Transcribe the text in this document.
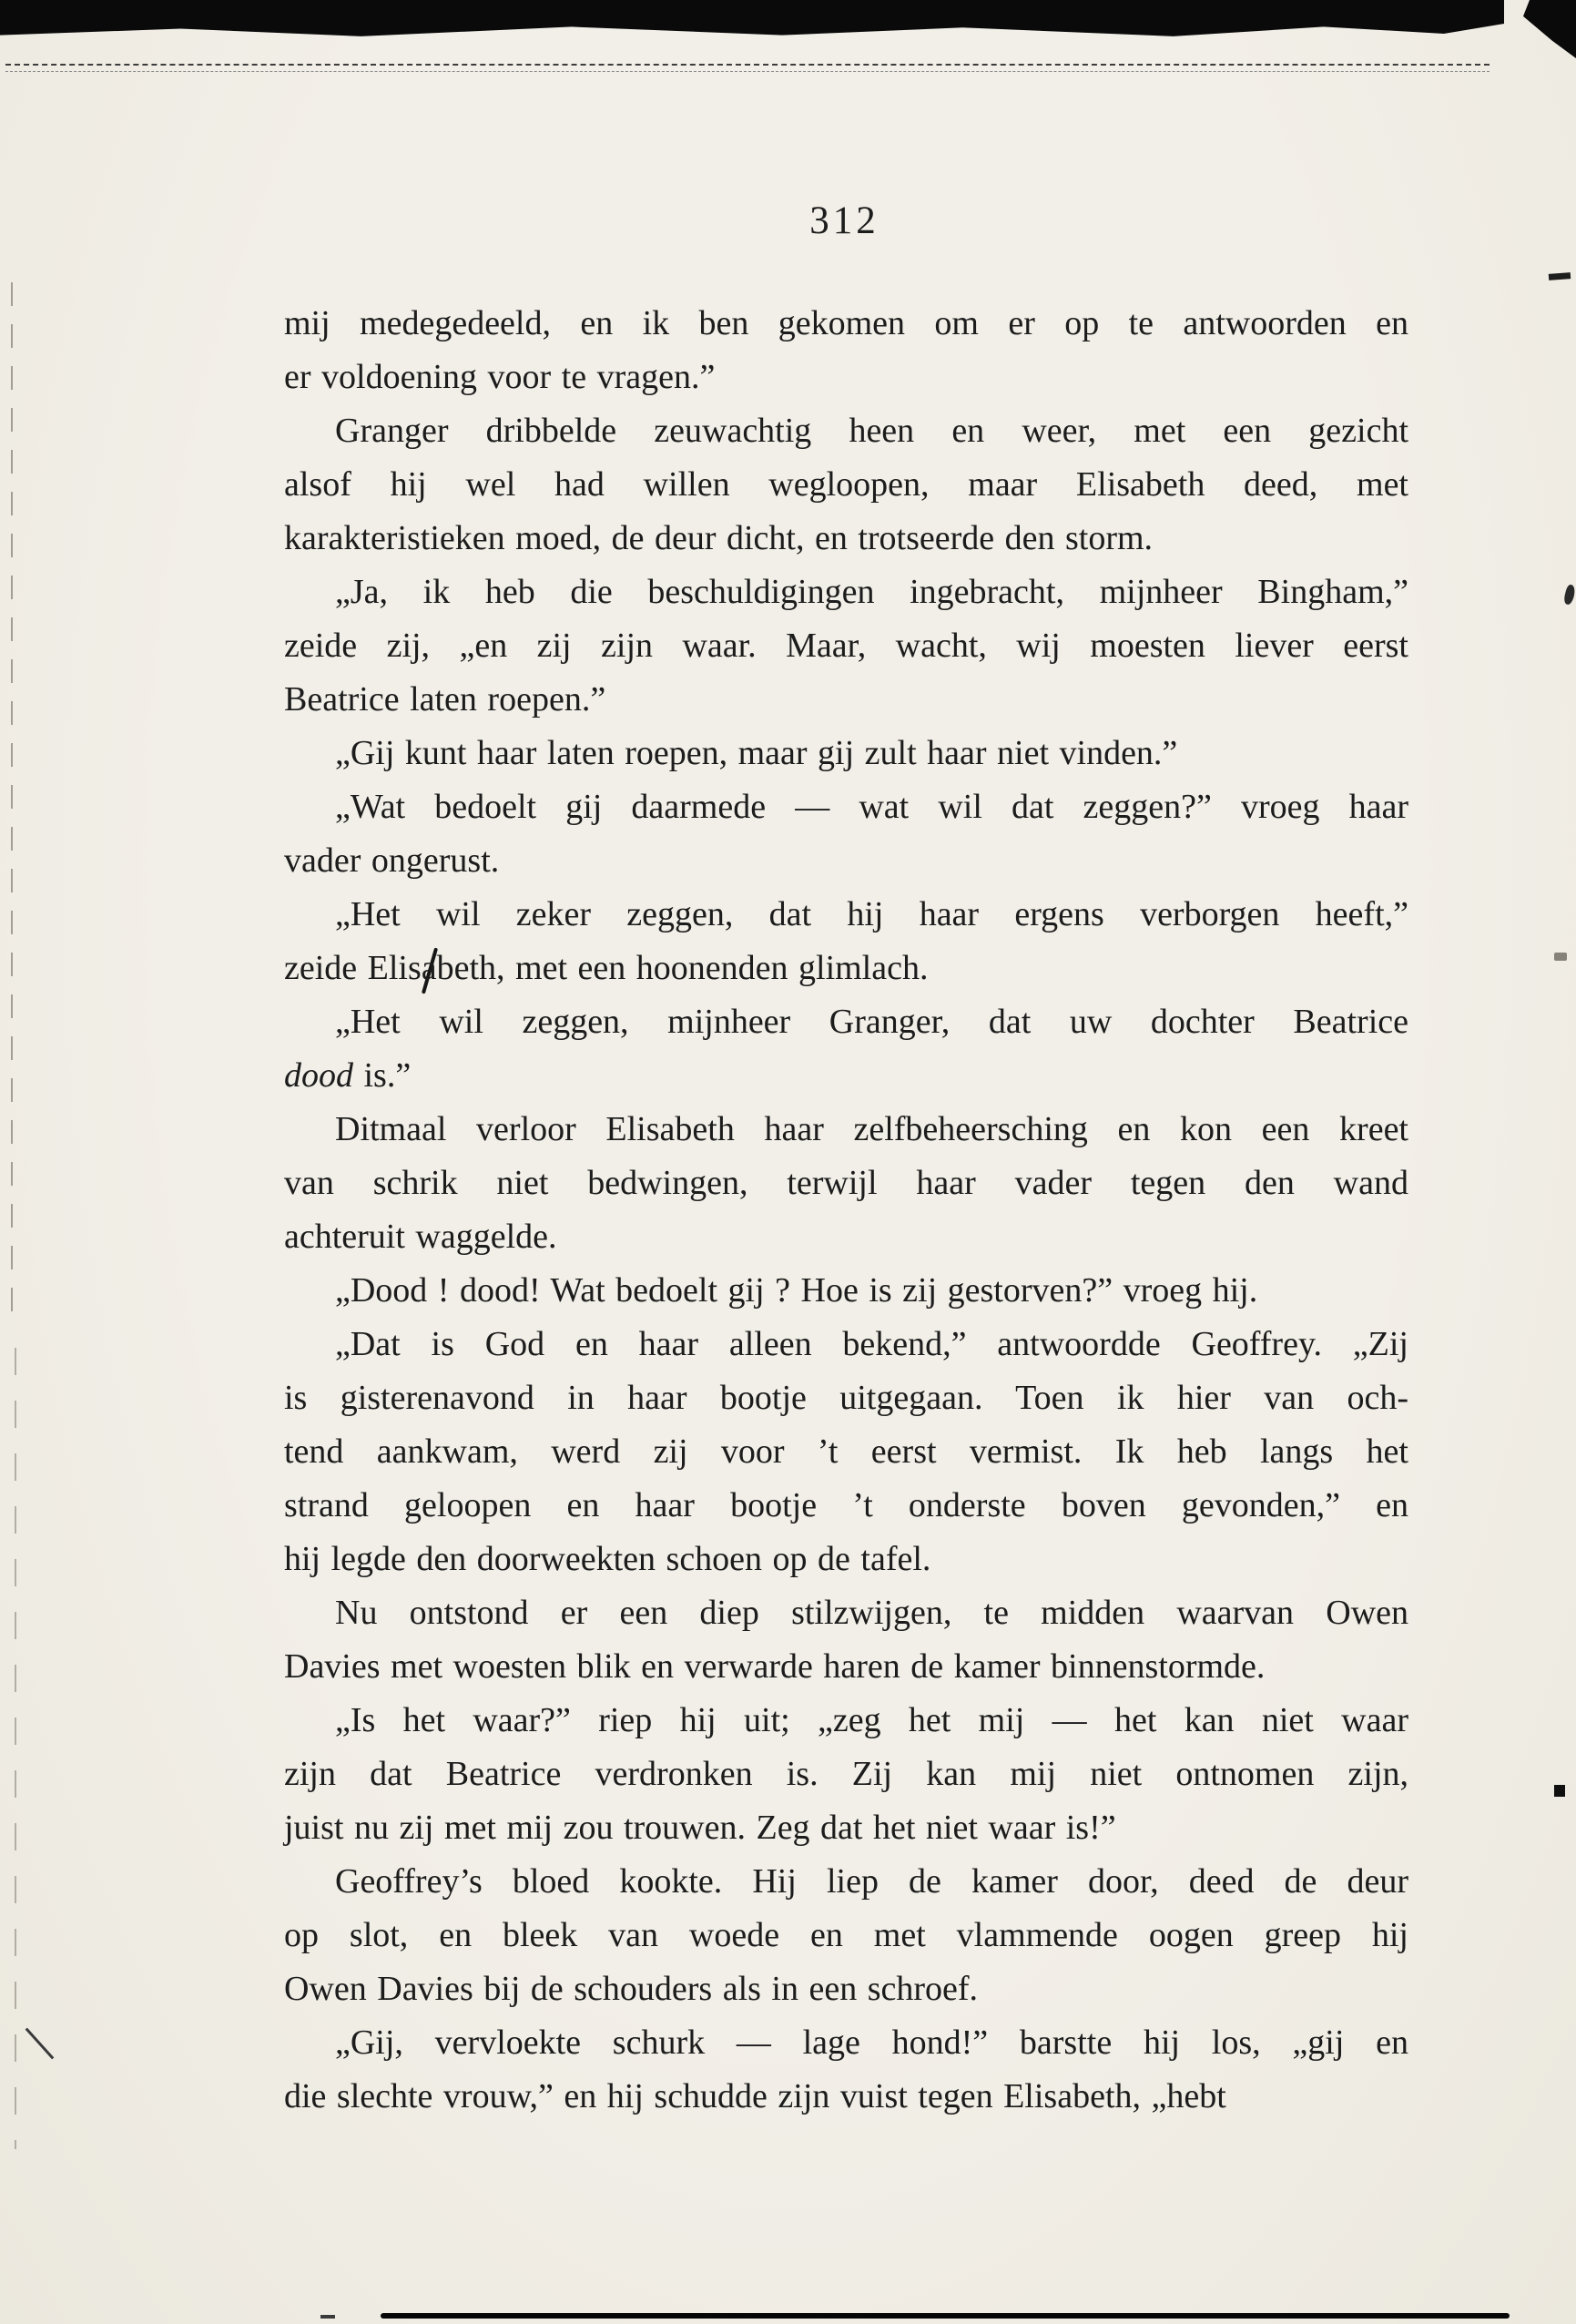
312
mij medegedeeld, en ik ben gekomen om er op te antwoorden en
er voldoening voor te vragen.”
Granger dribbelde zeuwachtig heen en weer, met een gezicht
alsof hij wel had willen wegloopen, maar Elisabeth deed, met
karakteristieken moed, de deur dicht, en trotseerde den storm.
„Ja, ik heb die beschuldigingen ingebracht, mijnheer Bingham,”
zeide zij, „en zij zijn waar. Maar, wacht, wij moesten liever eerst
Beatrice laten roepen.”
„Gij kunt haar laten roepen, maar gij zult haar niet vinden.”
„Wat bedoelt gij daarmede — wat wil dat zeggen?” vroeg haar
vader ongerust.
„Het wil zeker zeggen, dat hij haar ergens verborgen heeft,”
zeide Elisabeth, met een hoonenden glimlach.
„Het wil zeggen, mijnheer Granger, dat uw dochter Beatrice
dood is.”
Ditmaal verloor Elisabeth haar zelfbeheersching en kon een kreet
van schrik niet bedwingen, terwijl haar vader tegen den wand
achteruit waggelde.
„Dood ! dood! Wat bedoelt gij ? Hoe is zij gestorven?” vroeg hij.
„Dat is God en haar alleen bekend,” antwoordde Geoffrey. „Zij
is gisterenavond in haar bootje uitgegaan. Toen ik hier van och-
tend aankwam, werd zij voor ’t eerst vermist. Ik heb langs het
strand geloopen en haar bootje ’t onderste boven gevonden,” en
hij legde den doorweekten schoen op de tafel.
Nu ontstond er een diep stilzwijgen, te midden waarvan Owen
Davies met woesten blik en verwarde haren de kamer binnenstormde.
„Is het waar?” riep hij uit; „zeg het mij — het kan niet waar
zijn dat Beatrice verdronken is. Zij kan mij niet ontnomen zijn,
juist nu zij met mij zou trouwen. Zeg dat het niet waar is!”
Geoffrey’s bloed kookte. Hij liep de kamer door, deed de deur
op slot, en bleek van woede en met vlammende oogen greep hij
Owen Davies bij de schouders als in een schroef.
„Gij, vervloekte schurk — lage hond!” barstte hij los, „gij en
die slechte vrouw,” en hij schudde zijn vuist tegen Elisabeth, „hebt
